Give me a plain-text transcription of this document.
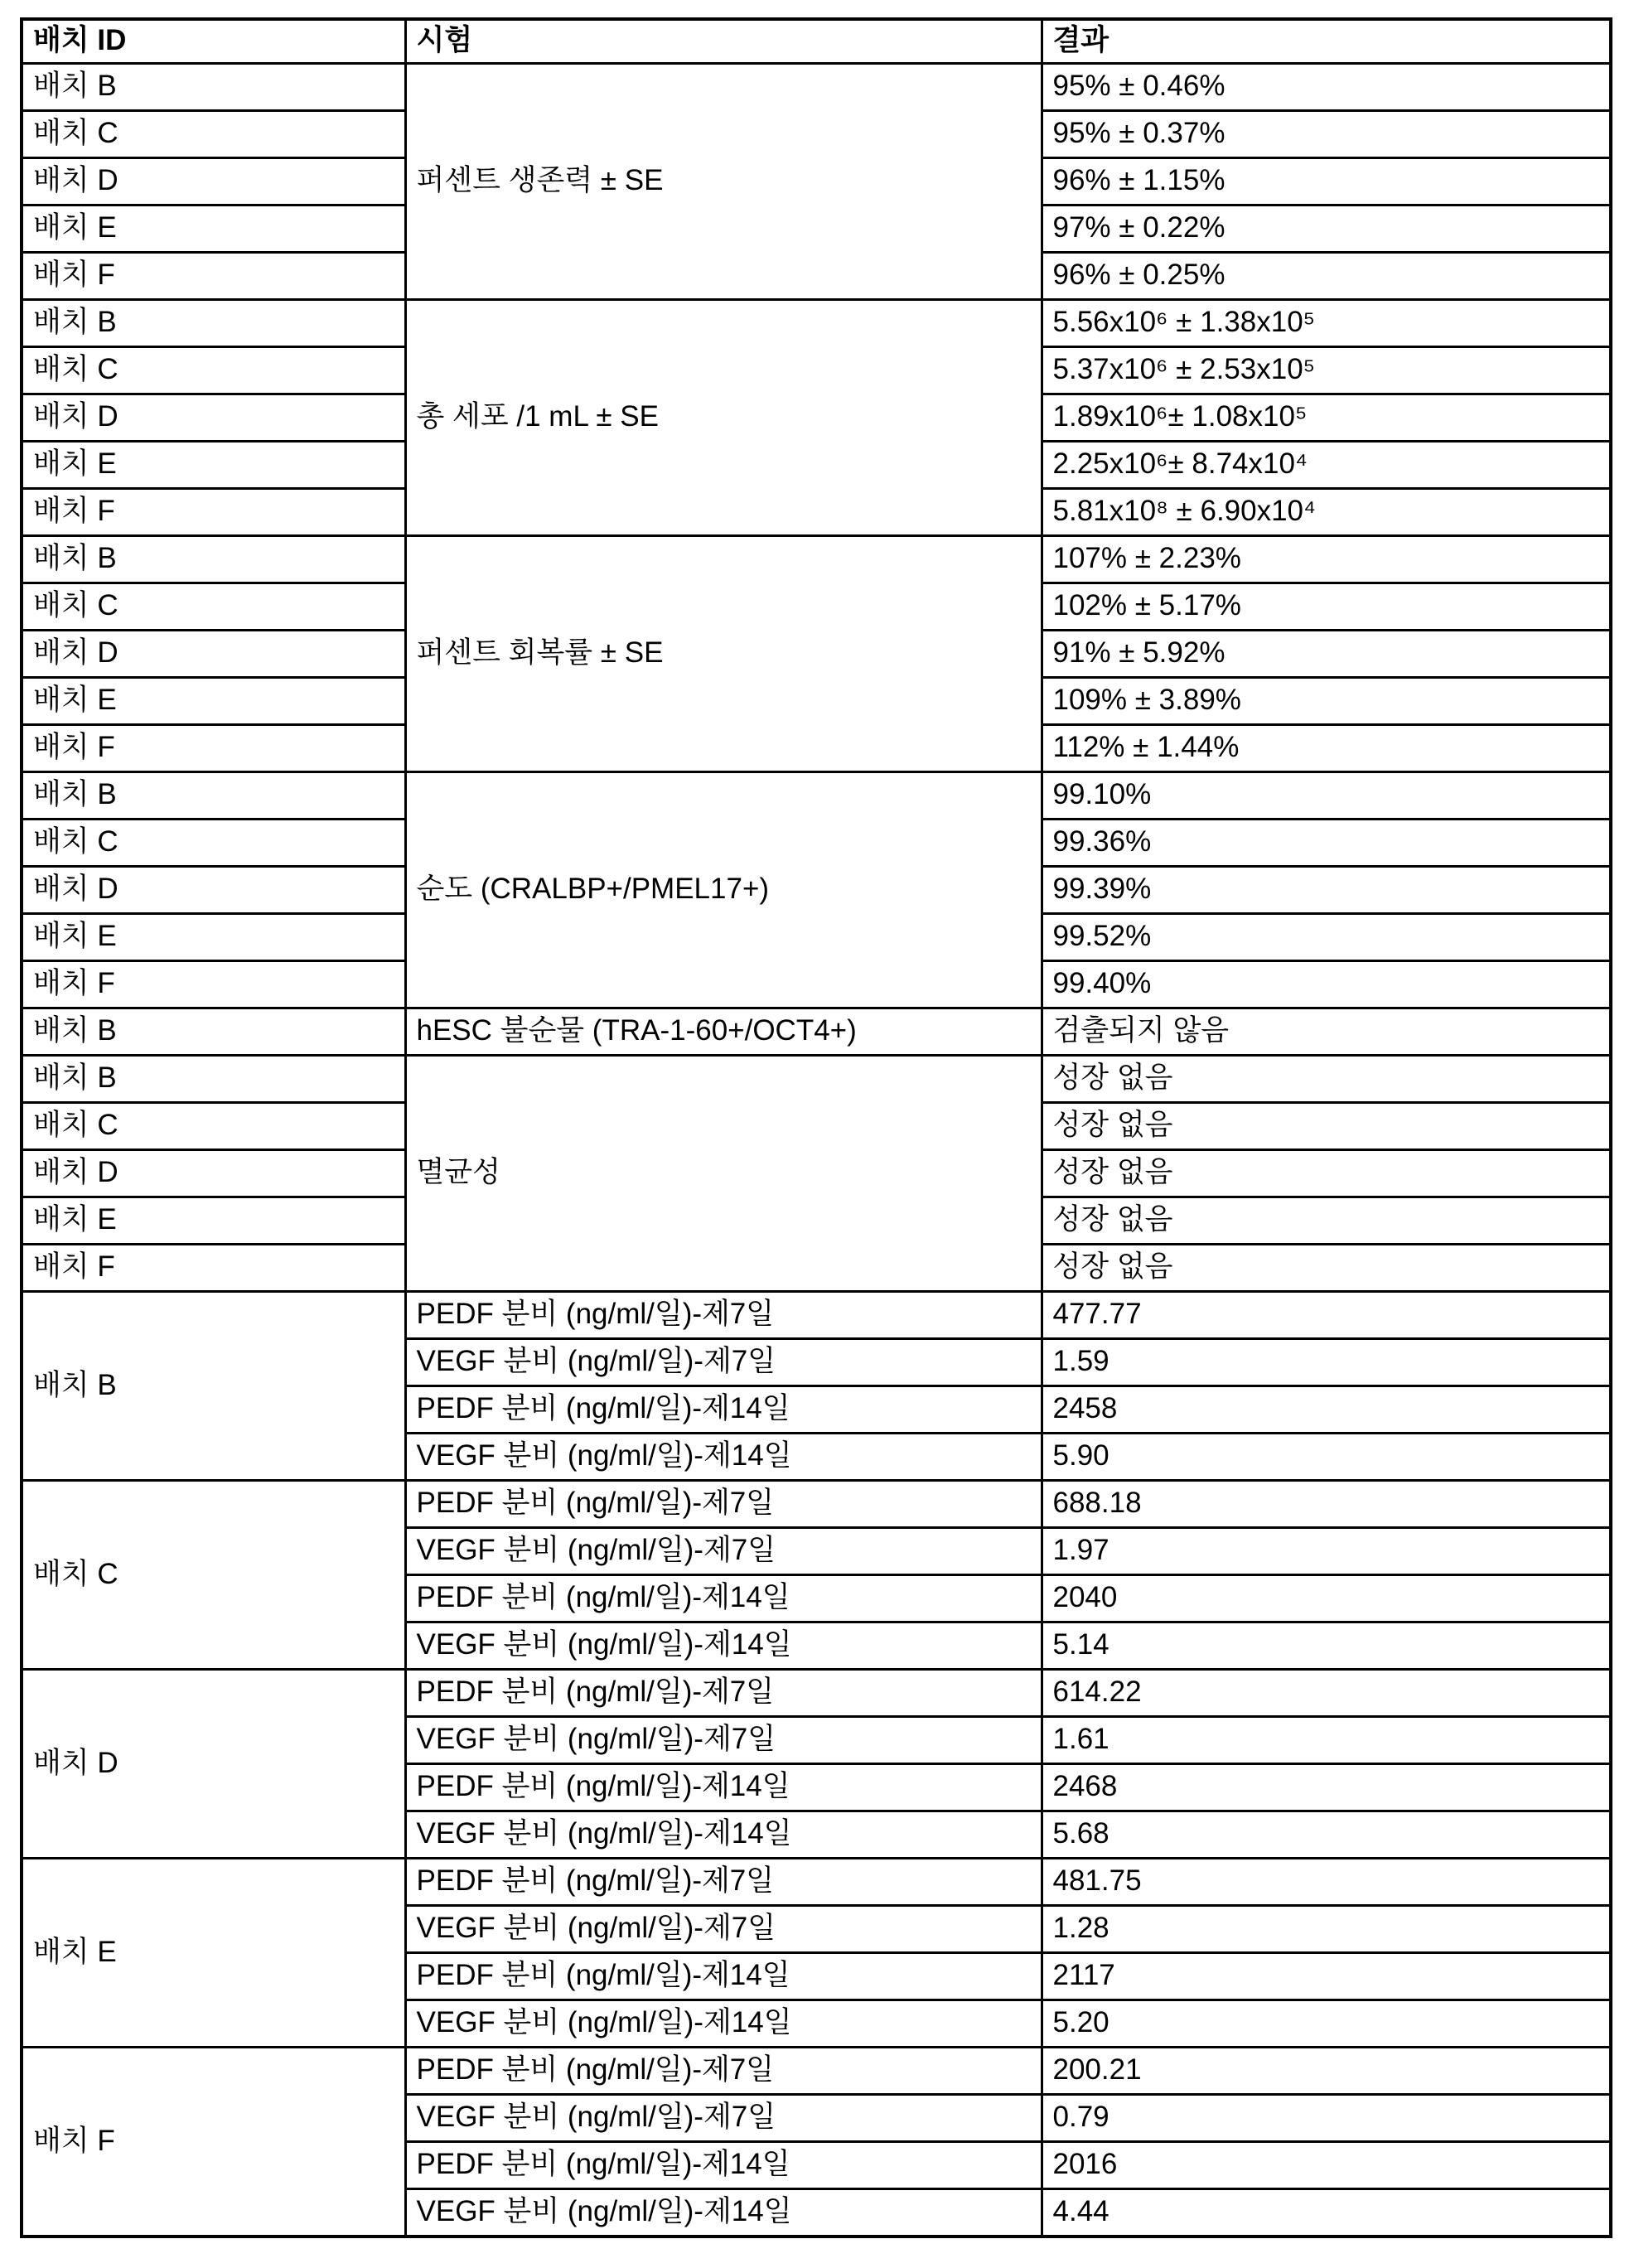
배치 ID	시험	결과
배치 B	퍼센트 생존력 ± SE	95% ± 0.46%
배치 C	95% ± 0.37%
배치 D	96% ± 1.15%
배치 E	97% ± 0.22%
배치 F	96% ± 0.25%
배치 B	총 세포 /1 mL ± SE	5.56x10⁶ ± 1.38x10⁵
배치 C	5.37x10⁶ ± 2.53x10⁵
배치 D	1.89x10⁶± 1.08x10⁵
배치 E	2.25x10⁶± 8.74x10⁴
배치 F	5.81x10⁸ ± 6.90x10⁴
배치 B	퍼센트 회복률 ± SE	107% ± 2.23%
배치 C	102% ± 5.17%
배치 D	91% ± 5.92%
배치 E	109% ± 3.89%
배치 F	112% ± 1.44%
배치 B	순도 (CRALBP+/PMEL17+)	99.10%
배치 C	99.36%
배치 D	99.39%
배치 E	99.52%
배치 F	99.40%
배치 B	hESC 불순물 (TRA-1-60+/OCT4+)	검출되지 않음
배치 B	멸균성	성장 없음
배치 C	성장 없음
배치 D	성장 없음
배치 E	성장 없음
배치 F	성장 없음
배치 B	PEDF 분비 (ng/ml/일)-제7일	477.77
VEGF 분비 (ng/ml/일)-제7일	1.59
PEDF 분비 (ng/ml/일)-제14일	2458
VEGF 분비 (ng/ml/일)-제14일	5.90
배치 C	PEDF 분비 (ng/ml/일)-제7일	688.18
VEGF 분비 (ng/ml/일)-제7일	1.97
PEDF 분비 (ng/ml/일)-제14일	2040
VEGF 분비 (ng/ml/일)-제14일	5.14
배치 D	PEDF 분비 (ng/ml/일)-제7일	614.22
VEGF 분비 (ng/ml/일)-제7일	1.61
PEDF 분비 (ng/ml/일)-제14일	2468
VEGF 분비 (ng/ml/일)-제14일	5.68
배치 E	PEDF 분비 (ng/ml/일)-제7일	481.75
VEGF 분비 (ng/ml/일)-제7일	1.28
PEDF 분비 (ng/ml/일)-제14일	2117
VEGF 분비 (ng/ml/일)-제14일	5.20
배치 F	PEDF 분비 (ng/ml/일)-제7일	200.21
VEGF 분비 (ng/ml/일)-제7일	0.79
PEDF 분비 (ng/ml/일)-제14일	2016
VEGF 분비 (ng/ml/일)-제14일	4.44
